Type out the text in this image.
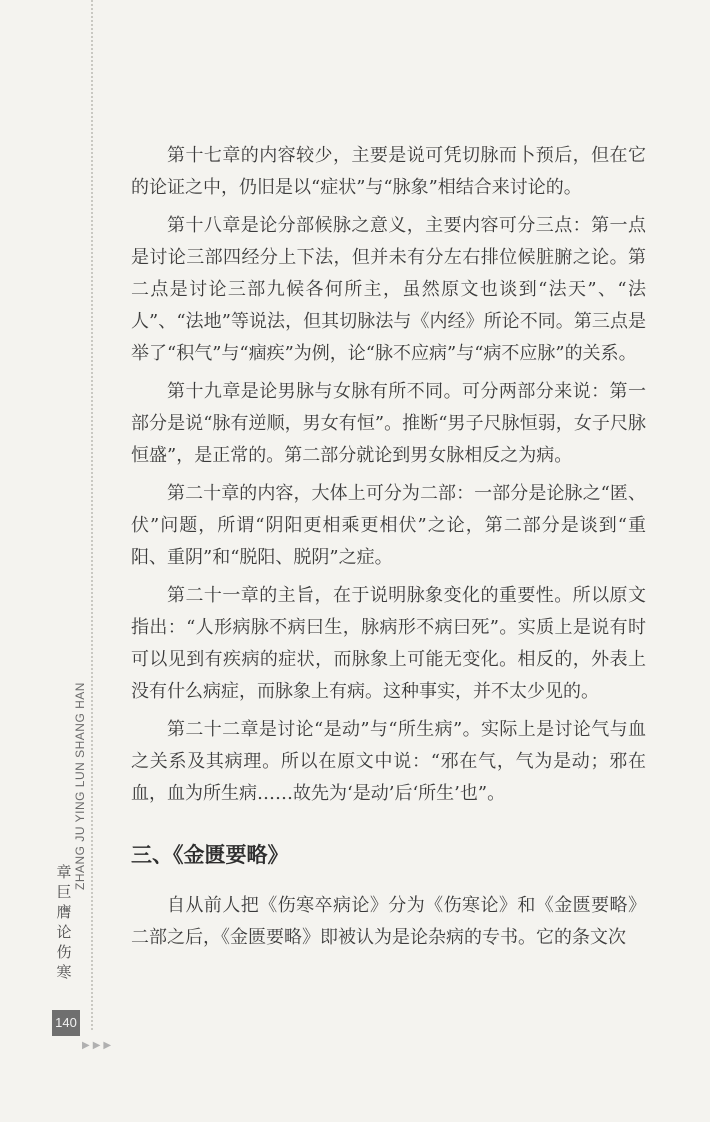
ZHANG JU YING LUN SHANG HAN
章
巨
膺
论
伤
寒
140
▶▶▶

第十七章的内容较少，主要是说可凭切脉而卜预后，但在它的论证之中，仍旧是以“症状”与“脉象”相结合来讨论的。

第十八章是论分部候脉之意义，主要内容可分三点：第一点是讨论三部四经分上下法，但并未有分左右排位候脏腑之论。第二点是讨论三部九候各何所主，虽然原文也谈到“法天”、“法人”、“法地”等说法，但其切脉法与《内经》所论不同。第三点是举了“积气”与“痼疾”为例，论“脉不应病”与“病不应脉”的关系。

第十九章是论男脉与女脉有所不同。可分两部分来说：第一部分是说“脉有逆顺，男女有恒”。推断“男子尺脉恒弱，女子尺脉恒盛”，是正常的。第二部分就论到男女脉相反之为病。

第二十章的内容，大体上可分为二部：一部分是论脉之“匿、伏”问题，所谓“阴阳更相乘更相伏”之论，第二部分是谈到“重阳、重阴”和“脱阳、脱阴”之症。

第二十一章的主旨，在于说明脉象变化的重要性。所以原文指出：“人形病脉不病曰生，脉病形不病曰死”。实质上是说有时可以见到有疾病的症状，而脉象上可能无变化。相反的，外表上没有什么病症，而脉象上有病。这种事实，并不太少见的。

第二十二章是讨论“是动”与“所生病”。实际上是讨论气与血之关系及其病理。所以在原文中说：“邪在气，气为是动；邪在血，血为所生病……故先为‘是动’后‘所生’也”。

三、《金匮要略》

自从前人把《伤寒卒病论》分为《伤寒论》和《金匮要略》二部之后，《金匮要略》即被认为是论杂病的专书。它的条文次
